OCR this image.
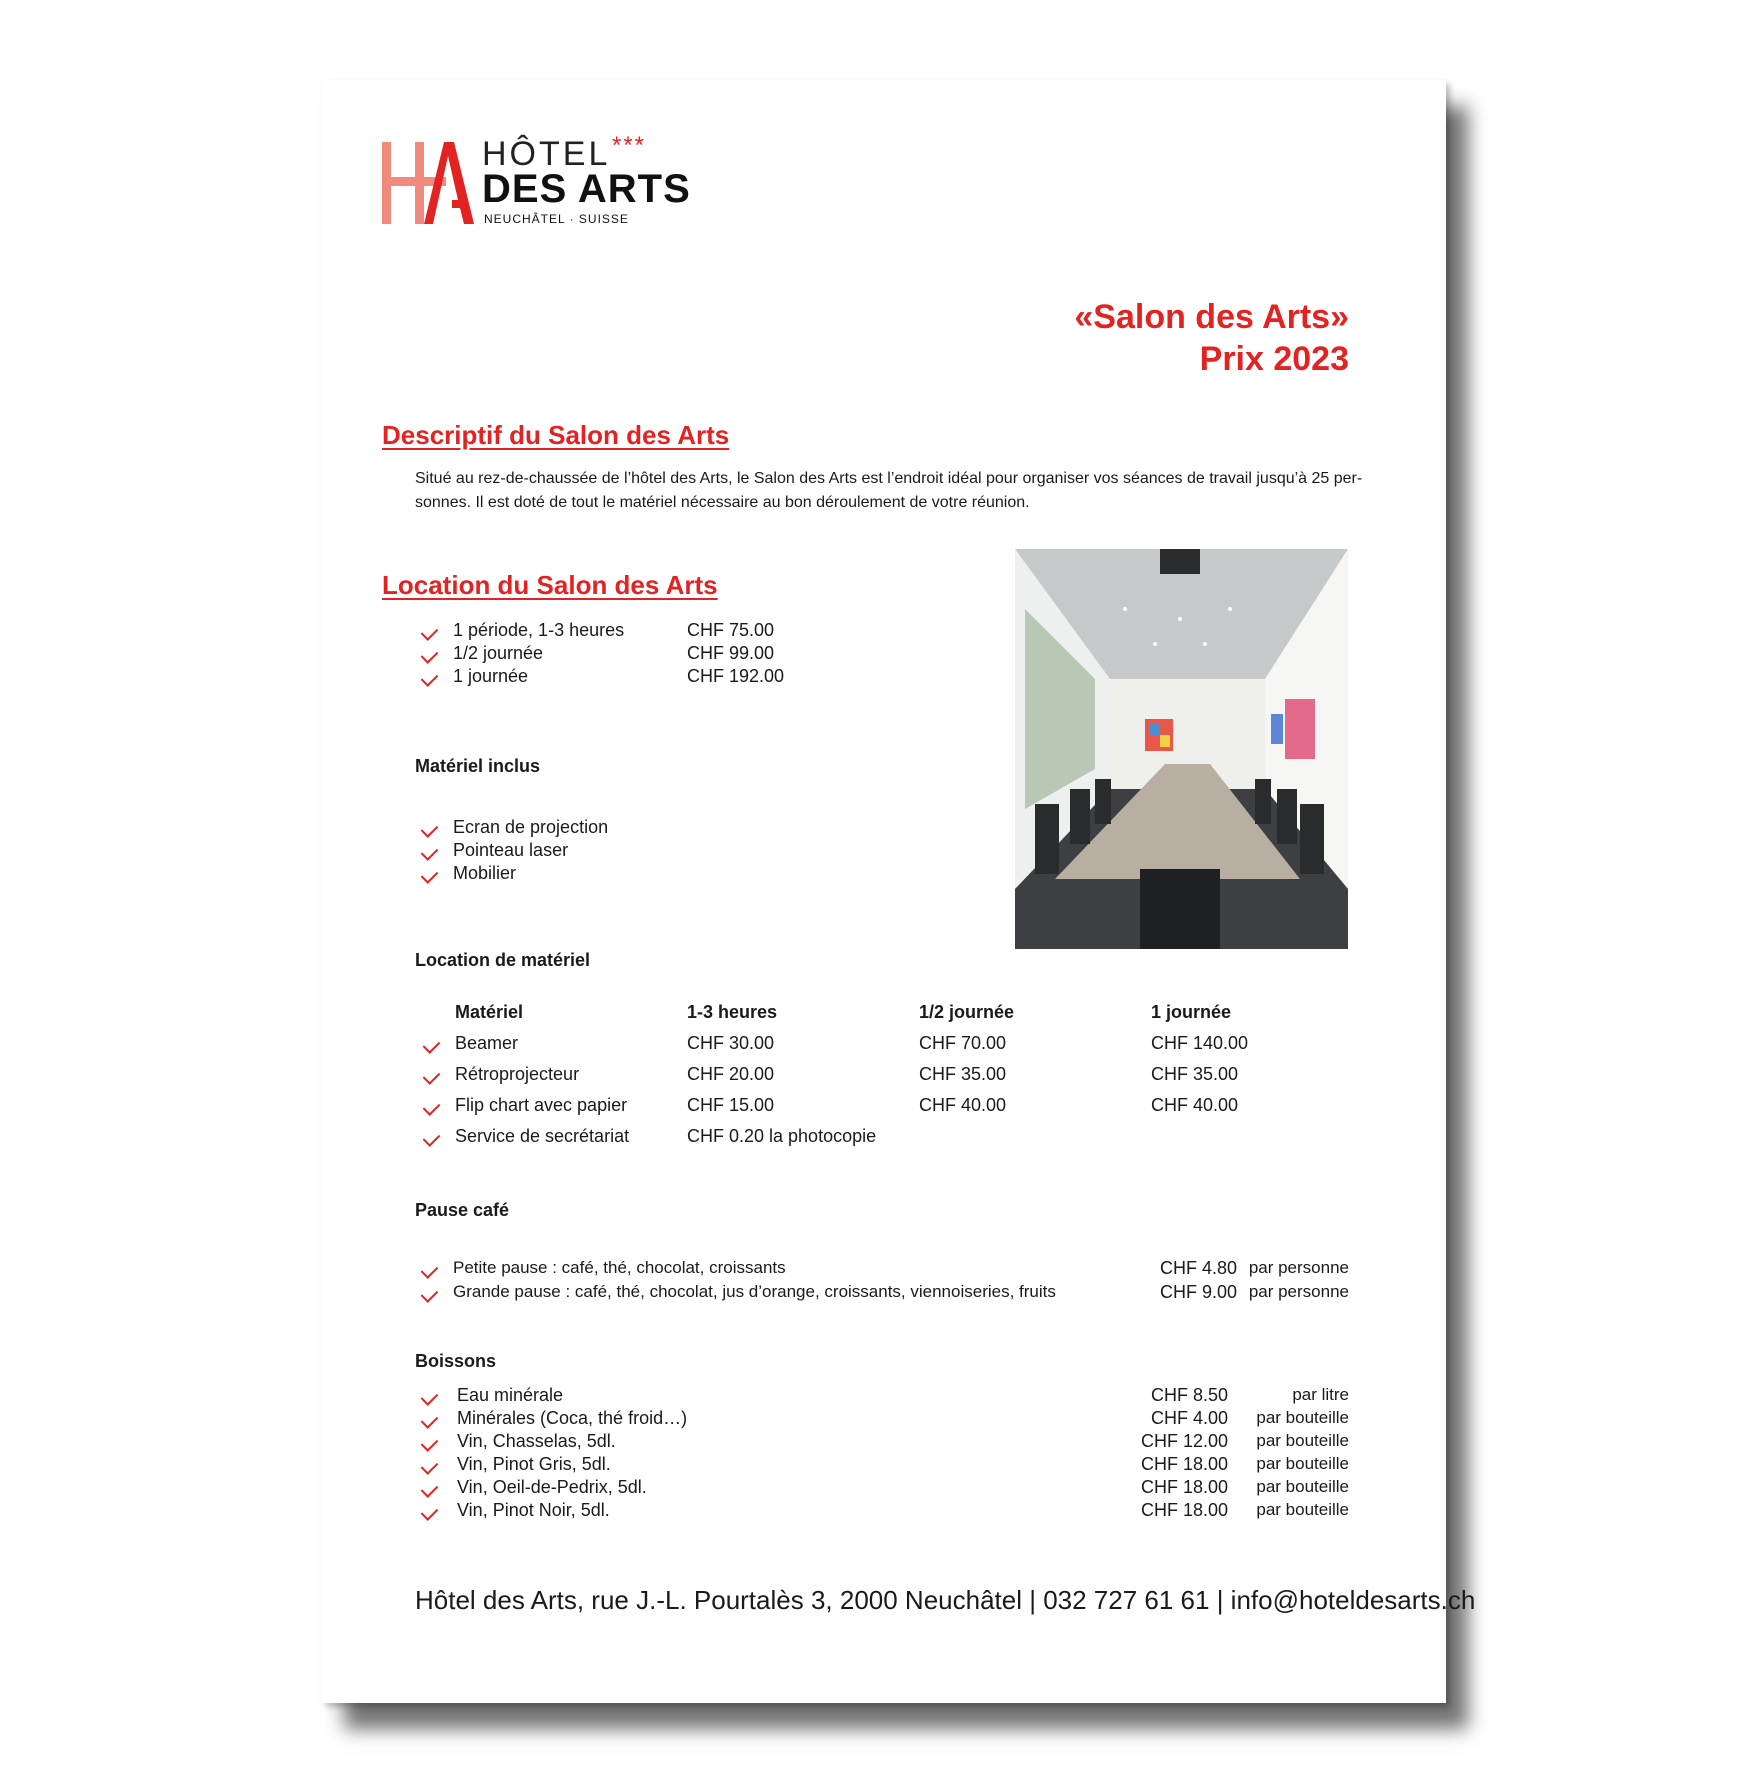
HÔTEL ***
DES ARTS
NEUCHÂTEL · SUISSE
«Salon des Arts»
Prix 2023
Descriptif du Salon des Arts
Situé au rez-de-chaussée de l’hôtel des Arts, le Salon des Arts est l’endroit idéal pour organiser vos séances de travail jusqu’à 25 per-
sonnes. Il est doté de tout le matériel nécessaire au bon déroulement de votre réunion.
Location du Salon des Arts
1 période, 1-3 heures	CHF 75.00
1/2 journée	CHF 99.00
1 journée	CHF 192.00
Matériel inclus
Ecran de projection
Pointeau laser
Mobilier
Location de matériel
Matériel	1-3 heures	1/2 journée	1 journée
Beamer	CHF 30.00	CHF 70.00	CHF 140.00
Rétroprojecteur	CHF 20.00	CHF 35.00	CHF 35.00
Flip chart avec papier	CHF 15.00	CHF 40.00	CHF 40.00
Service de secrétariat	CHF 0.20 la photocopie
Pause café
Petite pause : café, thé, chocolat, croissants	CHF 4.80 par personne
Grande pause : café, thé, chocolat, jus d’orange, croissants, viennoiseries, fruits	CHF 9.00 par personne
Boissons
Eau minérale	CHF 8.50	par litre
Minérales (Coca, thé froid…)	CHF 4.00 par bouteille
Vin, Chasselas, 5dl.	CHF 12.00 par bouteille
Vin, Pinot Gris, 5dl.	CHF 18.00 par bouteille
Vin, Oeil-de-Pedrix, 5dl.	CHF 18.00 par bouteille
Vin, Pinot Noir, 5dl.	CHF 18.00 par bouteille
Hôtel des Arts, rue J.-L. Pourtalès 3, 2000 Neuchâtel | 032 727 61 61 | info@hoteldesarts.ch
